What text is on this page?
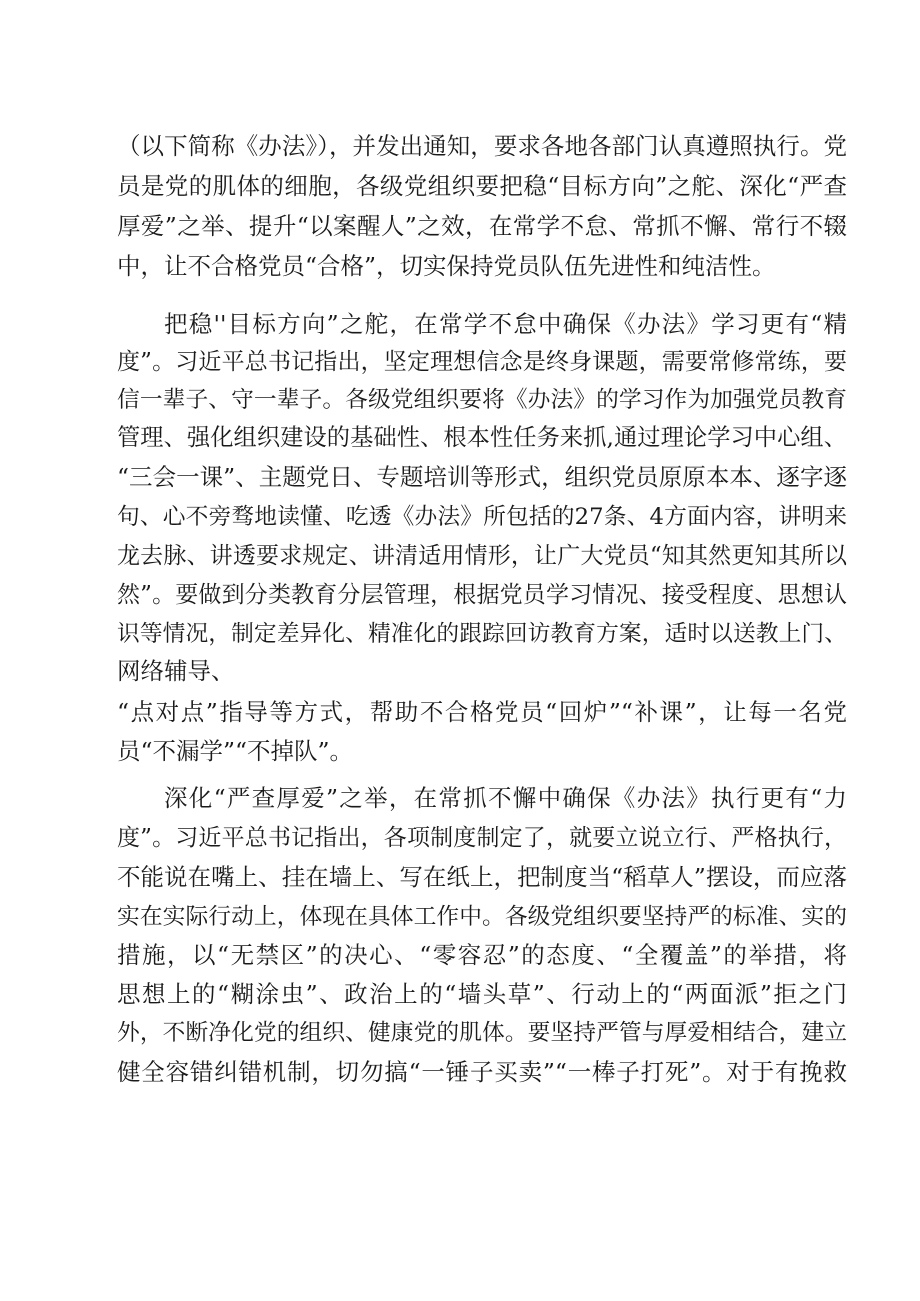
（以下简称《办法》），并发出通知，要求各地各部门认真遵照执行。党
员是党的肌体的细胞，各级党组织要把稳“目标方向”之舵、深化“严查
厚爱”之举、提升“以案醒人”之效，在常学不怠、常抓不懈、常行不辍
中，让不合格党员“合格”，切实保持党员队伍先进性和纯洁性。
把稳''目标方向”之舵，在常学不怠中确保《办法》学习更有“精
度”。习近平总书记指出，坚定理想信念是终身课题，需要常修常练，要
信一辈子、守一辈子。各级党组织要将《办法》的学习作为加强党员教育
管理、强化组织建设的基础性、根本性任务来抓,通过理论学习中心组、
“三会一课”、主题党日、专题培训等形式，组织党员原原本本、逐字逐
句、心不旁骛地读懂、吃透《办法》所包括的27条、4方面内容，讲明来
龙去脉、讲透要求规定、讲清适用情形，让广大党员“知其然更知其所以
然”。要做到分类教育分层管理，根据党员学习情况、接受程度、思想认
识等情况，制定差异化、精准化的跟踪回访教育方案，适时以送教上门、
网络辅导、
“点对点”指导等方式，帮助不合格党员“回炉”“补课”，让每一名党
员“不漏学”“不掉队”。
深化“严查厚爱”之举，在常抓不懈中确保《办法》执行更有“力
度”。习近平总书记指出，各项制度制定了，就要立说立行、严格执行，
不能说在嘴上、挂在墙上、写在纸上，把制度当“稻草人”摆设，而应落
实在实际行动上，体现在具体工作中。各级党组织要坚持严的标准、实的
措施，以“无禁区”的决心、“零容忍”的态度、“全覆盖”的举措，将
思想上的“糊涂虫”、政治上的“墙头草”、行动上的“两面派”拒之门
外，不断净化党的组织、健康党的肌体。要坚持严管与厚爱相结合，建立
健全容错纠错机制，切勿搞“一锤子买卖”“一棒子打死”。对于有挽救
